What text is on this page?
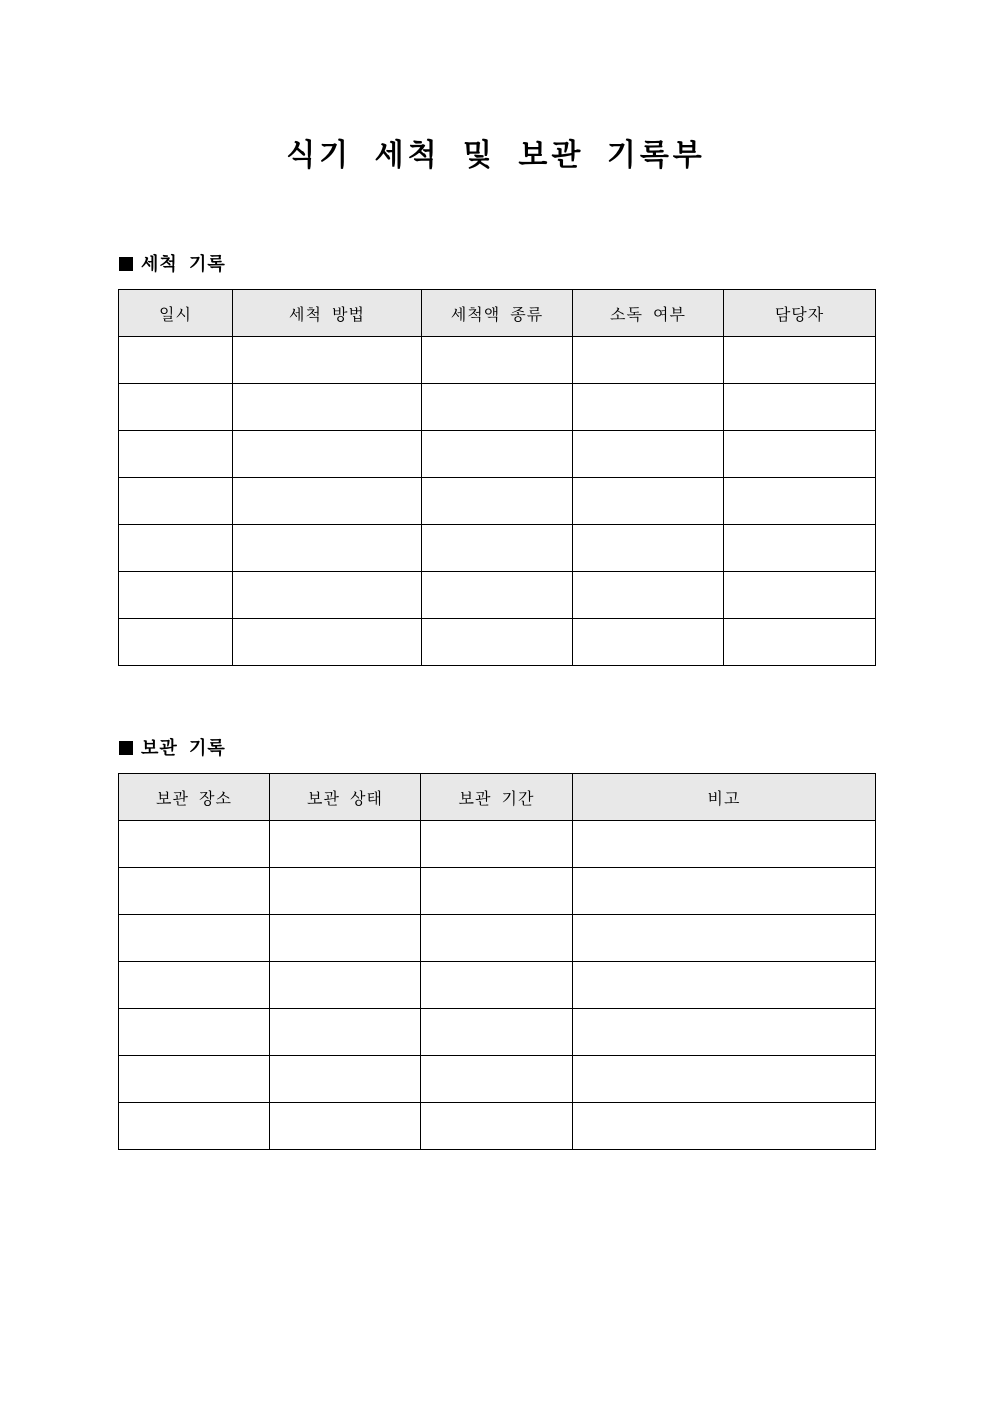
식기 세척 및 보관 기록부
세척 기록
일시	세척 방법	세척액 종류	소독 여부	담당자

보관 기록
보관 장소	보관 상태	보관 기간	비고
